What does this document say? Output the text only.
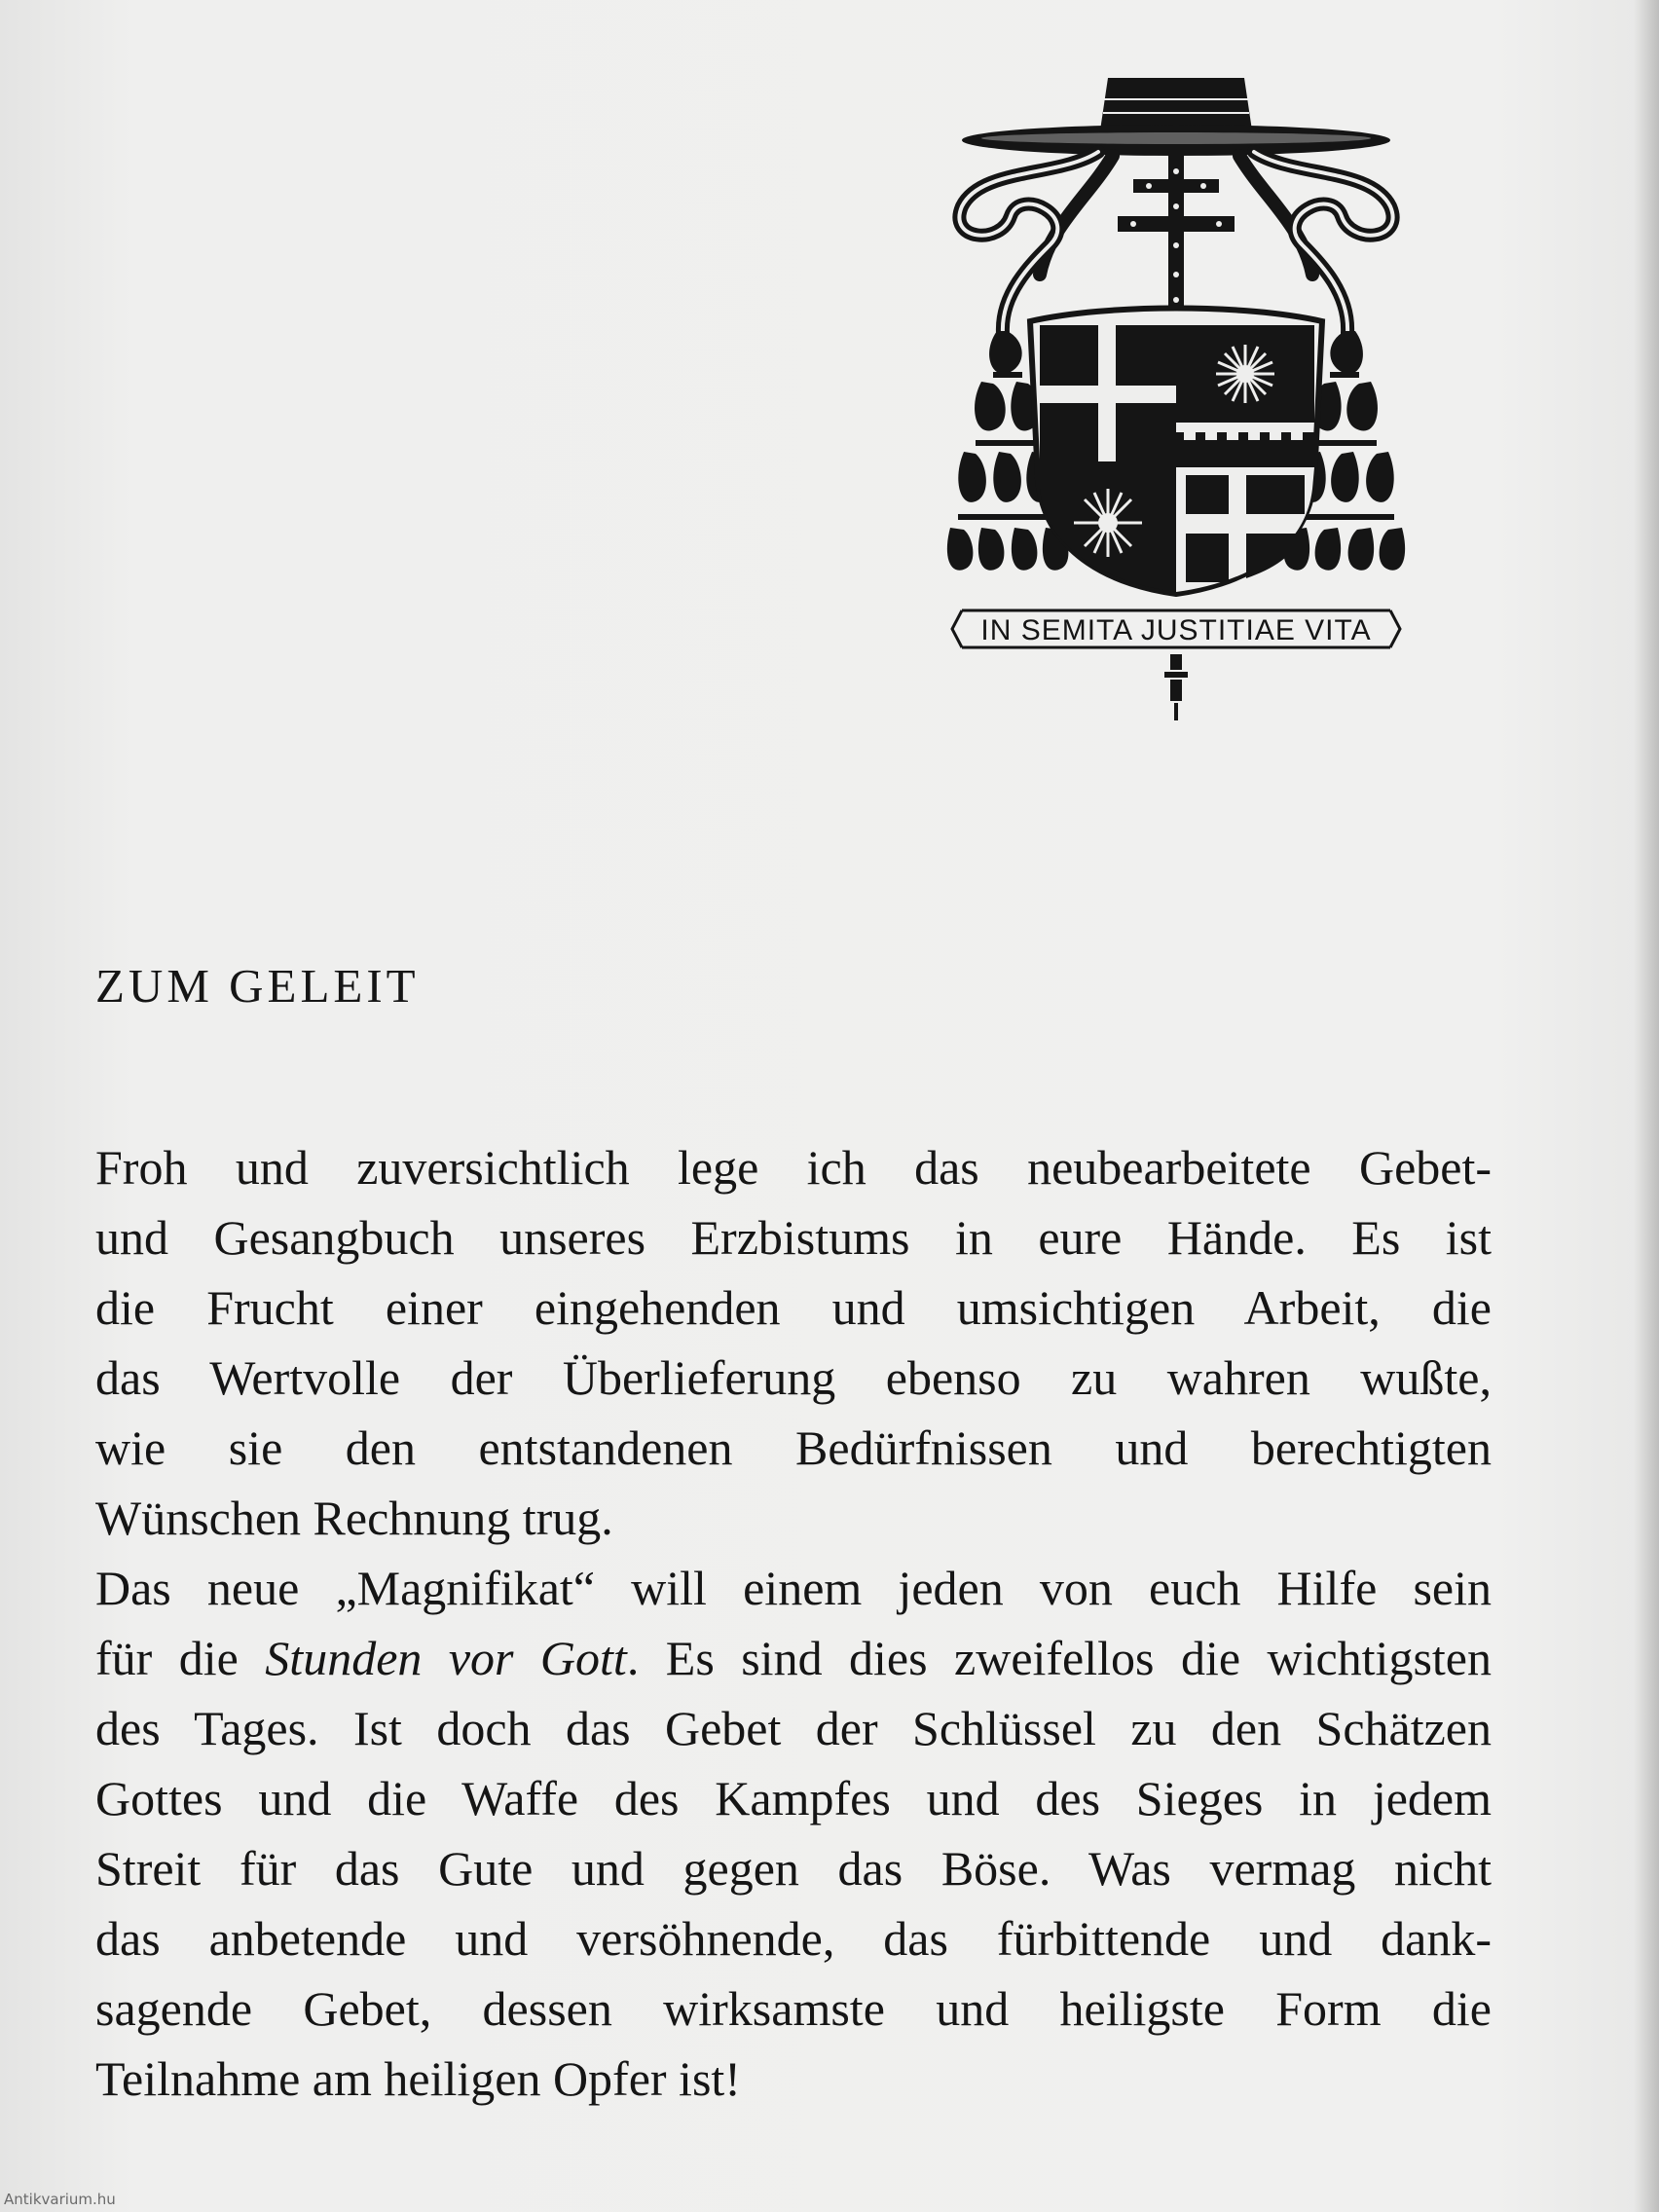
IN SEMITA JUSTITIAE VITA
ZUM GELEIT
Froh und zuversichtlich lege ich das neubearbeitete Gebet-
und Gesangbuch unseres Erzbistums in eure Hände. Es ist
die Frucht einer eingehenden und umsichtigen Arbeit, die
das Wertvolle der Überlieferung ebenso zu wahren wußte,
wie sie den entstandenen Bedürfnissen und berechtigten
Wünschen Rechnung trug.
Das neue „Magnifikat“ will einem jeden von euch Hilfe sein
für die Stunden vor Gott. Es sind dies zweifellos die wichtigsten
des Tages. Ist doch das Gebet der Schlüssel zu den Schätzen
Gottes und die Waffe des Kampfes und des Sieges in jedem
Streit für das Gute und gegen das Böse. Was vermag nicht
das anbetende und versöhnende, das fürbittende und dank-
sagende Gebet, dessen wirksamste und heiligste Form die
Teilnahme am heiligen Opfer ist!
Antikvarium.hu
